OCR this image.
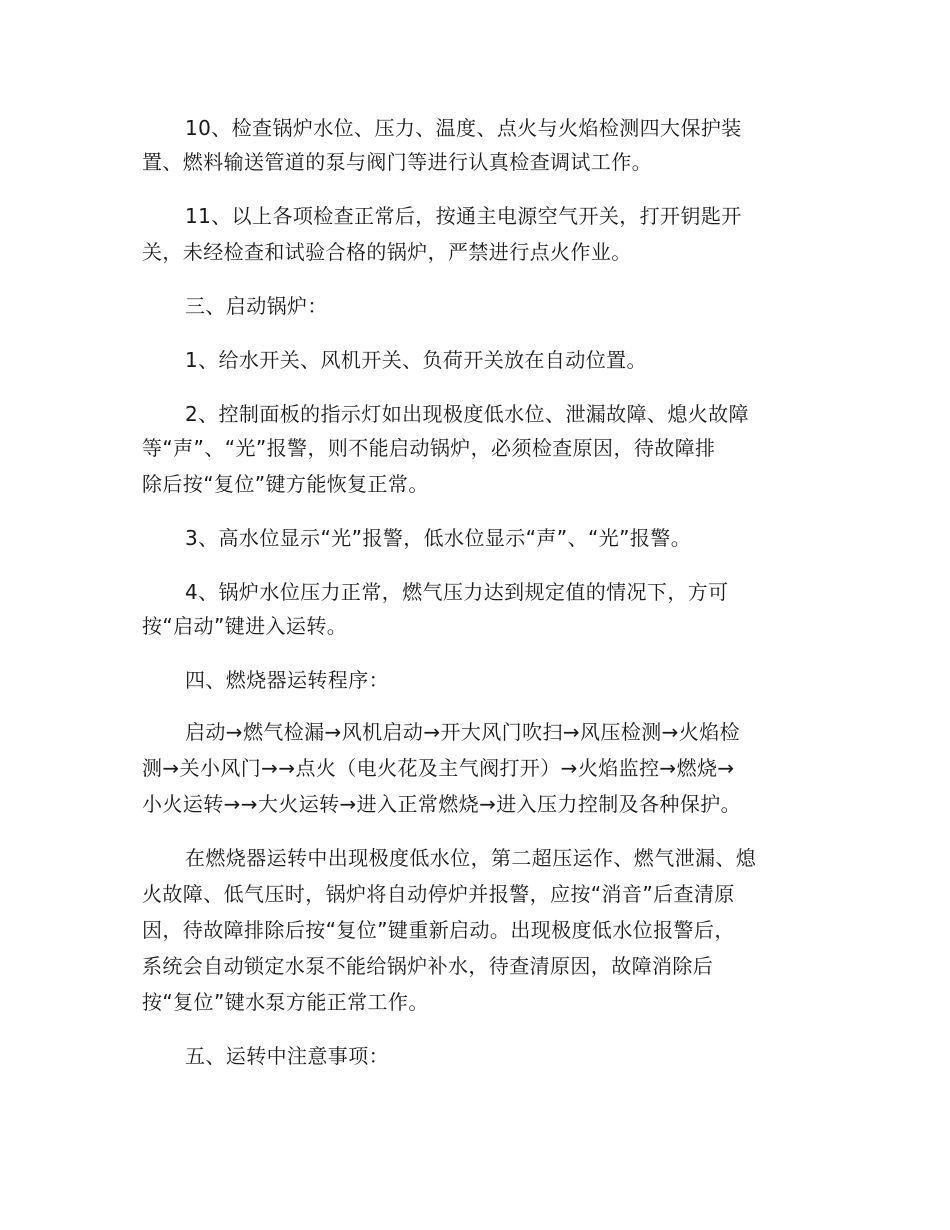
10、检查锅炉水位、压力、温度、点火与火焰检测四大保护装
置、燃料输送管道的泵与阀门等进行认真检查调试工作。
11、以上各项检查正常后，按通主电源空气开关，打开钥匙开
关，未经检查和试验合格的锅炉，严禁进行点火作业。
三、启动锅炉：
1、给水开关、风机开关、负荷开关放在自动位置。
2、控制面板的指示灯如出现极度低水位、泄漏故障、熄火故障
等“声”、“光”报警，则不能启动锅炉，必须检查原因，待故障排
除后按“复位”键方能恢复正常。
3、高水位显示“光”报警，低水位显示“声”、“光”报警。
4、锅炉水位压力正常，燃气压力达到规定值的情况下，方可
按“启动”键进入运转。
四、燃烧器运转程序：
启动→燃气检漏→风机启动→开大风门吹扫→风压检测→火焰检
测→关小风门→→点火（电火花及主气阀打开）→火焰监控→燃烧→
小火运转→→大火运转→进入正常燃烧→进入压力控制及各种保护。
在燃烧器运转中出现极度低水位，第二超压运作、燃气泄漏、熄
火故障、低气压时，锅炉将自动停炉并报警，应按“消音”后查清原
因，待故障排除后按“复位”键重新启动。出现极度低水位报警后，
系统会自动锁定水泵不能给锅炉补水，待查清原因，故障消除后
按“复位”键水泵方能正常工作。
五、运转中注意事项：
